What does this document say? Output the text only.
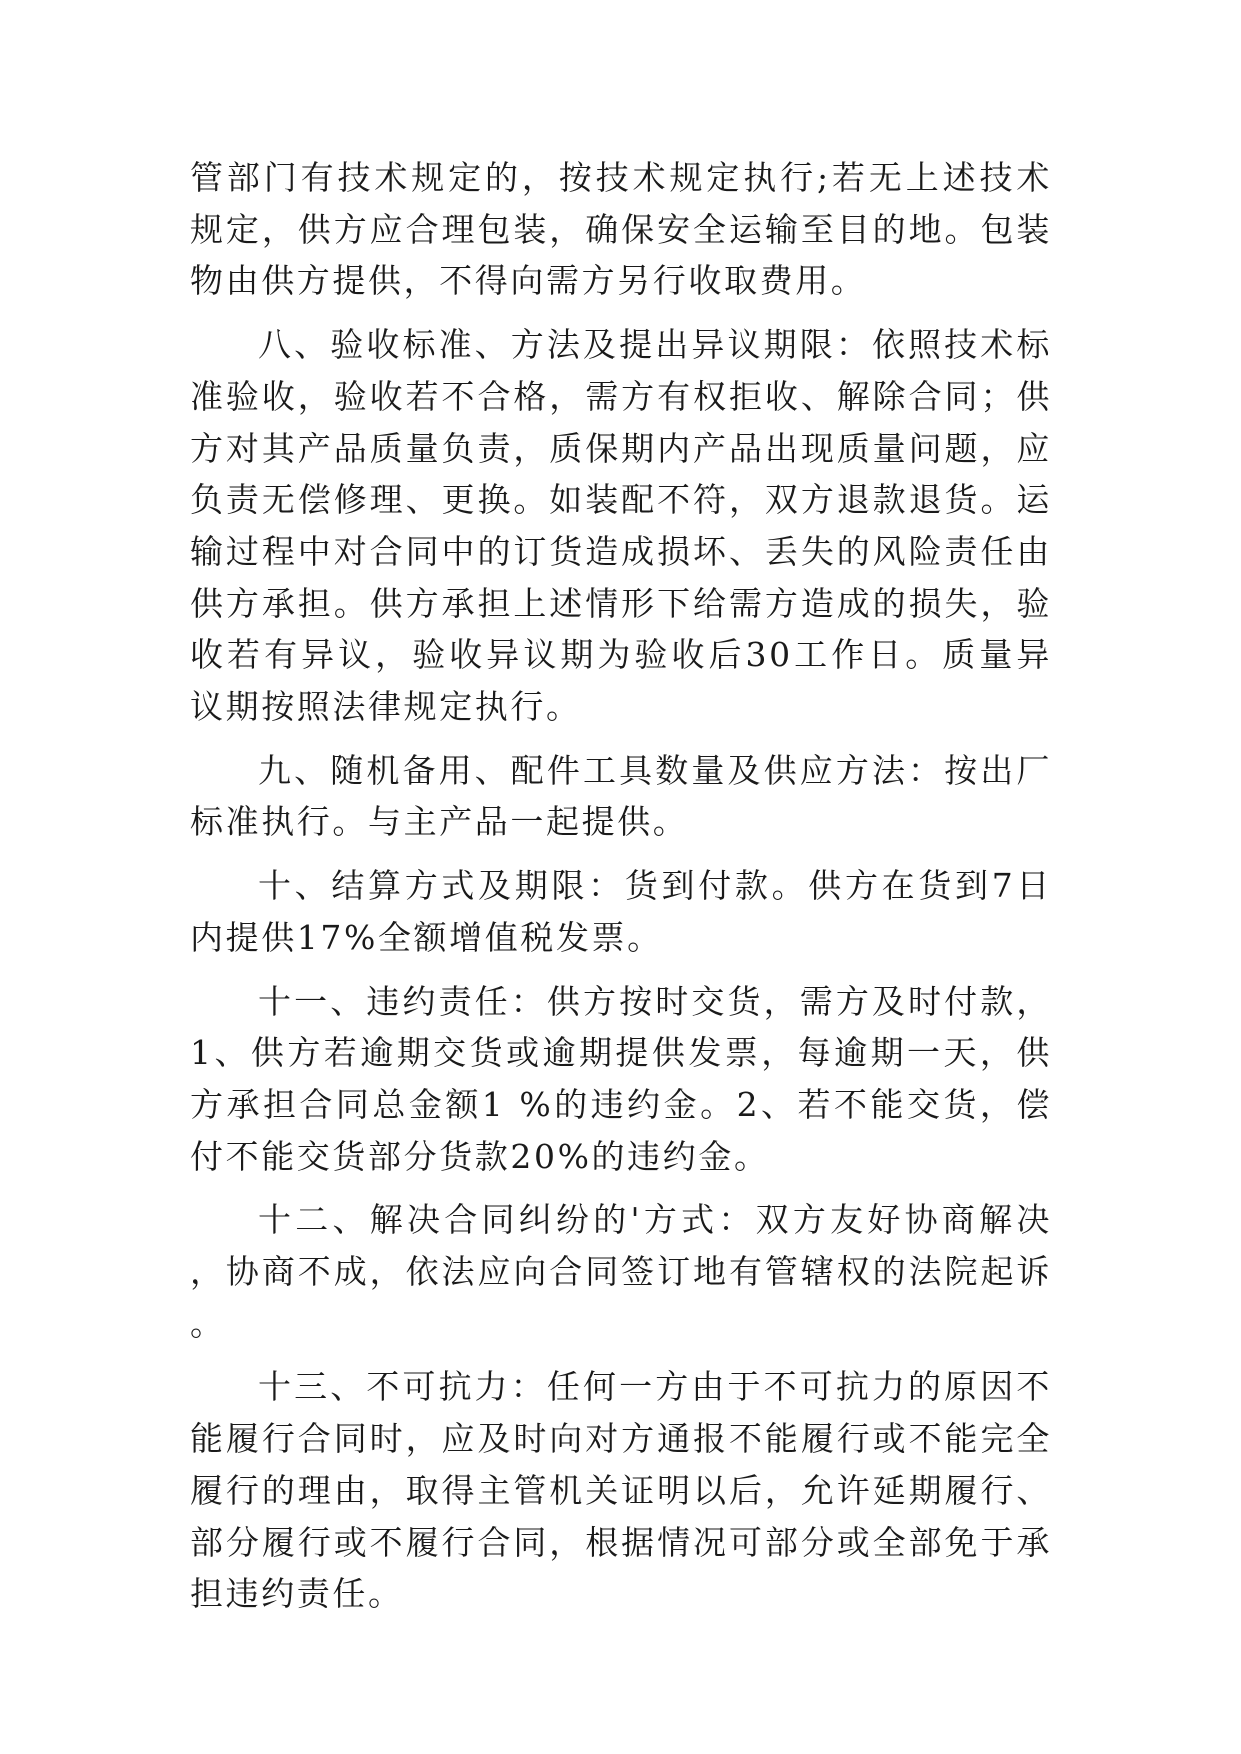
管部门有技术规定的，按技术规定执行;若无上述技术规定，供方应合理包装，确保安全运输至目的地。包装物由供方提供，不得向需方另行收取费用。

八、验收标准、方法及提出异议期限：依照技术标准验收，验收若不合格，需方有权拒收、解除合同；供方对其产品质量负责，质保期内产品出现质量问题，应负责无偿修理、更换。如装配不符，双方退款退货。运输过程中对合同中的订货造成损坏、丢失的风险责任由供方承担。供方承担上述情形下给需方造成的损失，验收若有异议，验收异议期为验收后30工作日。质量异议期按照法律规定执行。

九、随机备用、配件工具数量及供应方法：按出厂标准执行。与主产品一起提供。

十、结算方式及期限：货到付款。供方在货到7日内提供17%全额增值税发票。

十一、违约责任：供方按时交货，需方及时付款，1、供方若逾期交货或逾期提供发票，每逾期一天，供方承担合同总金额1 %的违约金。2、若不能交货，偿付不能交货部分货款20%的违约金。

十二、解决合同纠纷的'方式：双方友好协商解决，协商不成，依法应向合同签订地有管辖权的法院起诉。

十三、不可抗力：任何一方由于不可抗力的原因不能履行合同时，应及时向对方通报不能履行或不能完全履行的理由，取得主管机关证明以后，允许延期履行、部分履行或不履行合同，根据情况可部分或全部免于承担违约责任。
